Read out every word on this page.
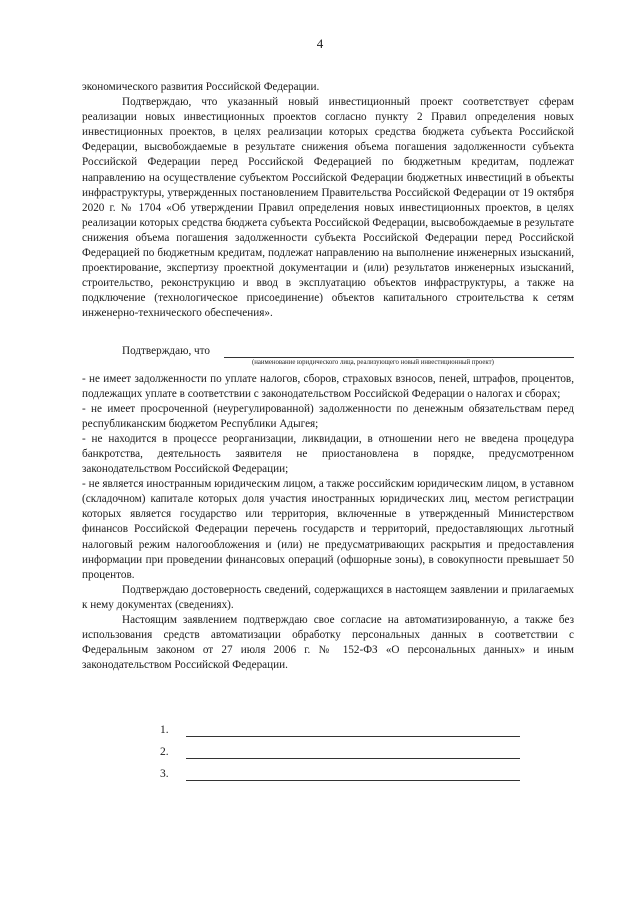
4

экономического развития Российской Федерации.

Подтверждаю, что указанный новый инвестиционный проект соответствует сферам реализации новых инвестиционных проектов согласно пункту 2 Правил определения новых инвестиционных проектов, в целях реализации которых средства бюджета субъекта Российской Федерации, высвобождаемые в результате снижения объема погашения задолженности субъекта Российской Федерации перед Российской Федерацией по бюджетным кредитам, подлежат направлению на осуществление субъектом Российской Федерации бюджетных инвестиций в объекты инфраструктуры, утвержденных постановлением Правительства Российской Федерации от 19 октября 2020 г. № 1704 «Об утверждении Правил определения новых инвестиционных проектов, в целях реализации которых средства бюджета субъекта Российской Федерации, высвобождаемые в результате снижения объема погашения задолженности субъекта Российской Федерации перед Российской Федерацией по бюджетным кредитам, подлежат направлению на выполнение инженерных изысканий, проектирование, экспертизу проектной документации и (или) результатов инженерных изысканий, строительство, реконструкцию и ввод в эксплуатацию объектов инфраструктуры, а также на подключение (технологическое присоединение) объектов капитального строительства к сетям инженерно-технического обеспечения».

Подтверждаю, что
(наименование юридического лица, реализующего новый инвестиционный проект)

- не имеет задолженности по уплате налогов, сборов, страховых взносов, пеней, штрафов, процентов, подлежащих уплате в соответствии с законодательством Российской Федерации о налогах и сборах;

- не имеет просроченной (неурегулированной) задолженности по денежным обязательствам перед республиканским бюджетом Республики Адыгея;

- не находится в процессе реорганизации, ликвидации, в отношении него не введена процедура банкротства, деятельность заявителя не приостановлена в порядке, предусмотренном законодательством Российской Федерации;

- не является иностранным юридическим лицом, а также российским юридическим лицом, в уставном (складочном) капитале которых доля участия иностранных юридических лиц, местом регистрации которых является государство или территория, включенные в утвержденный Министерством финансов Российской Федерации перечень государств и территорий, предоставляющих льготный налоговый режим налогообложения и (или) не предусматривающих раскрытия и предоставления информации при проведении финансовых операций (офшорные зоны), в совокупности превышает 50 процентов.

Подтверждаю достоверность сведений, содержащихся в настоящем заявлении и прилагаемых к нему документах (сведениях).

Настоящим заявлением подтверждаю свое согласие на автоматизированную, а также без использования средств автоматизации обработку персональных данных в соответствии с Федеральным законом от 27 июля 2006 г. № 152-ФЗ «О персональных данных» и иным законодательством Российской Федерации.

1.
2.
3.
